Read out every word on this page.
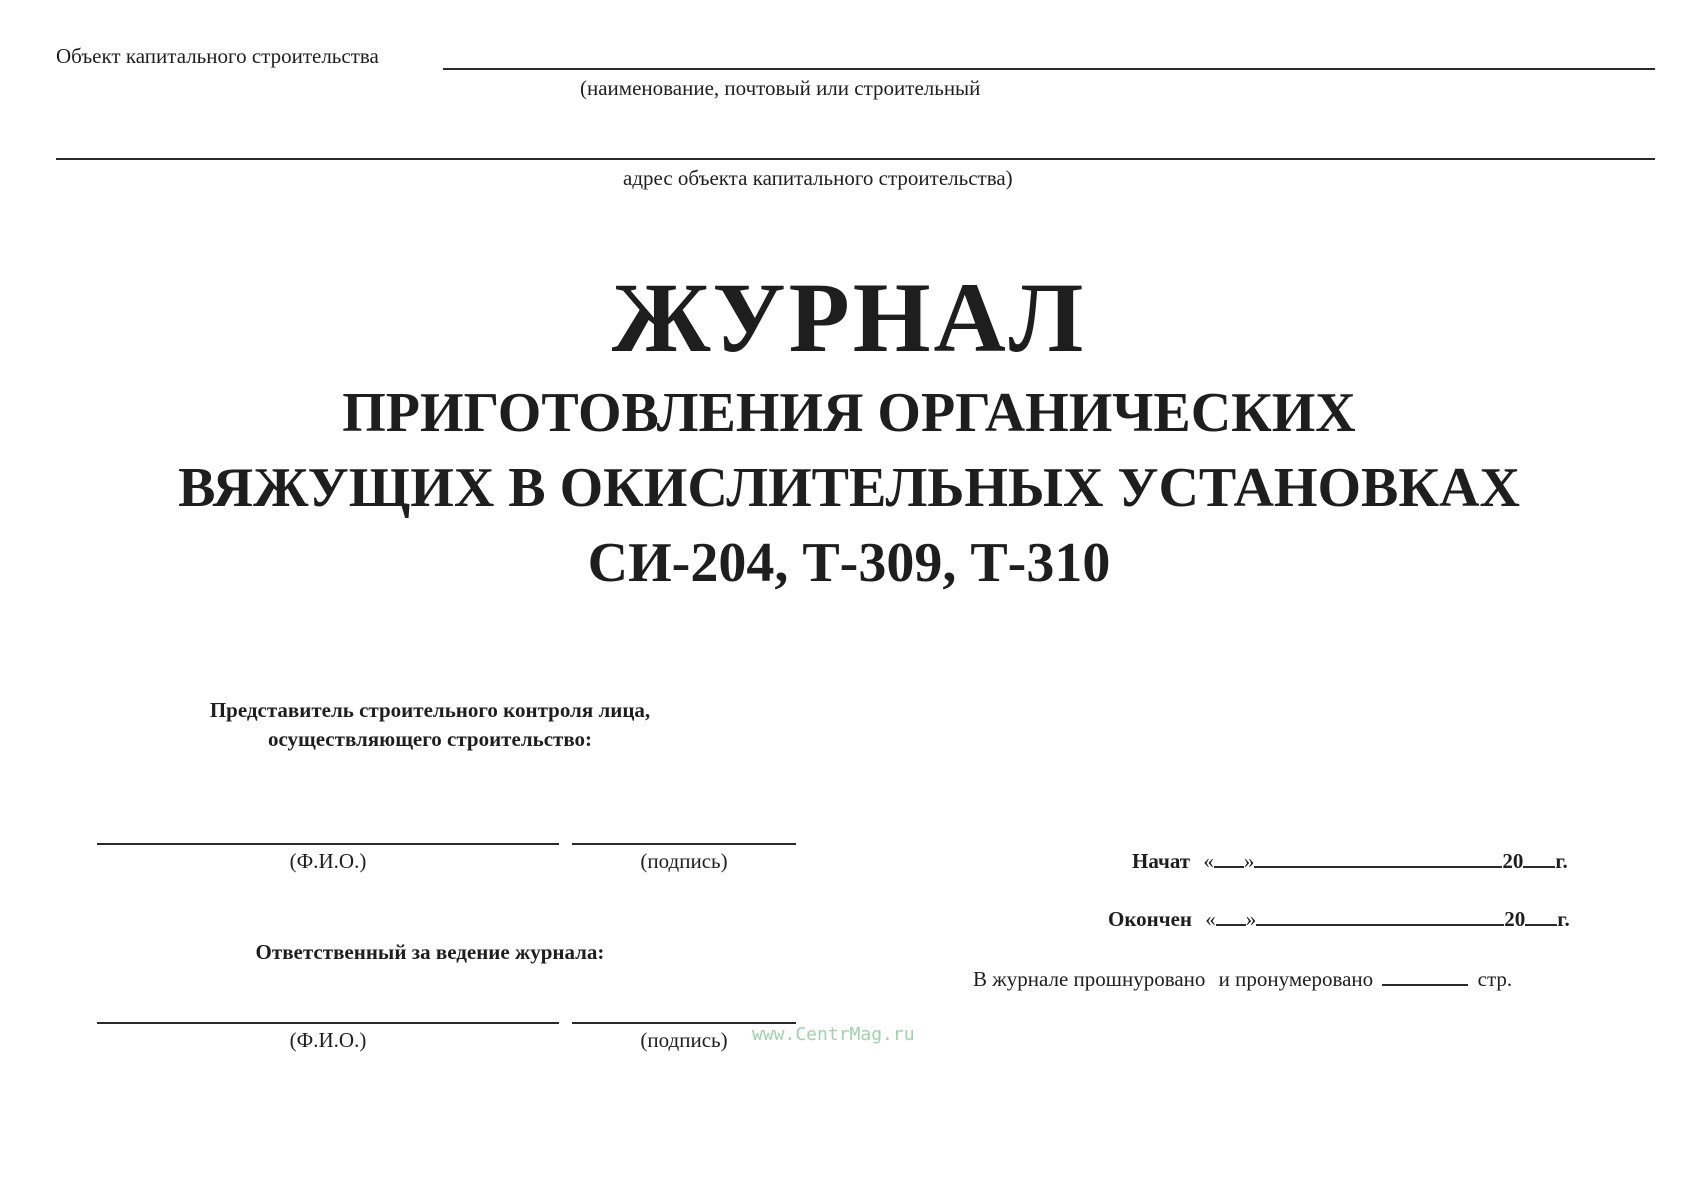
Объект капитального строительства
(наименование, почтовый или строительный
адрес объекта капитального строительства)
ЖУРНАЛ
ПРИГОТОВЛЕНИЯ ОРГАНИЧЕСКИХ
ВЯЖУЩИХ В ОКИСЛИТЕЛЬНЫХ УСТАНОВКАХ
СИ-204, Т-309, Т-310
Представитель строительного контроля лица,
осуществляющего строительство:
(Ф.И.О.)	(подпись)
Ответственный за ведение журнала:
(Ф.И.О.)	(подпись)	www.CentrMag.ru
Начат « »	20 г.
Окончен « »	20 г.
В журнале прошнуровано и пронумеровано	стр.
